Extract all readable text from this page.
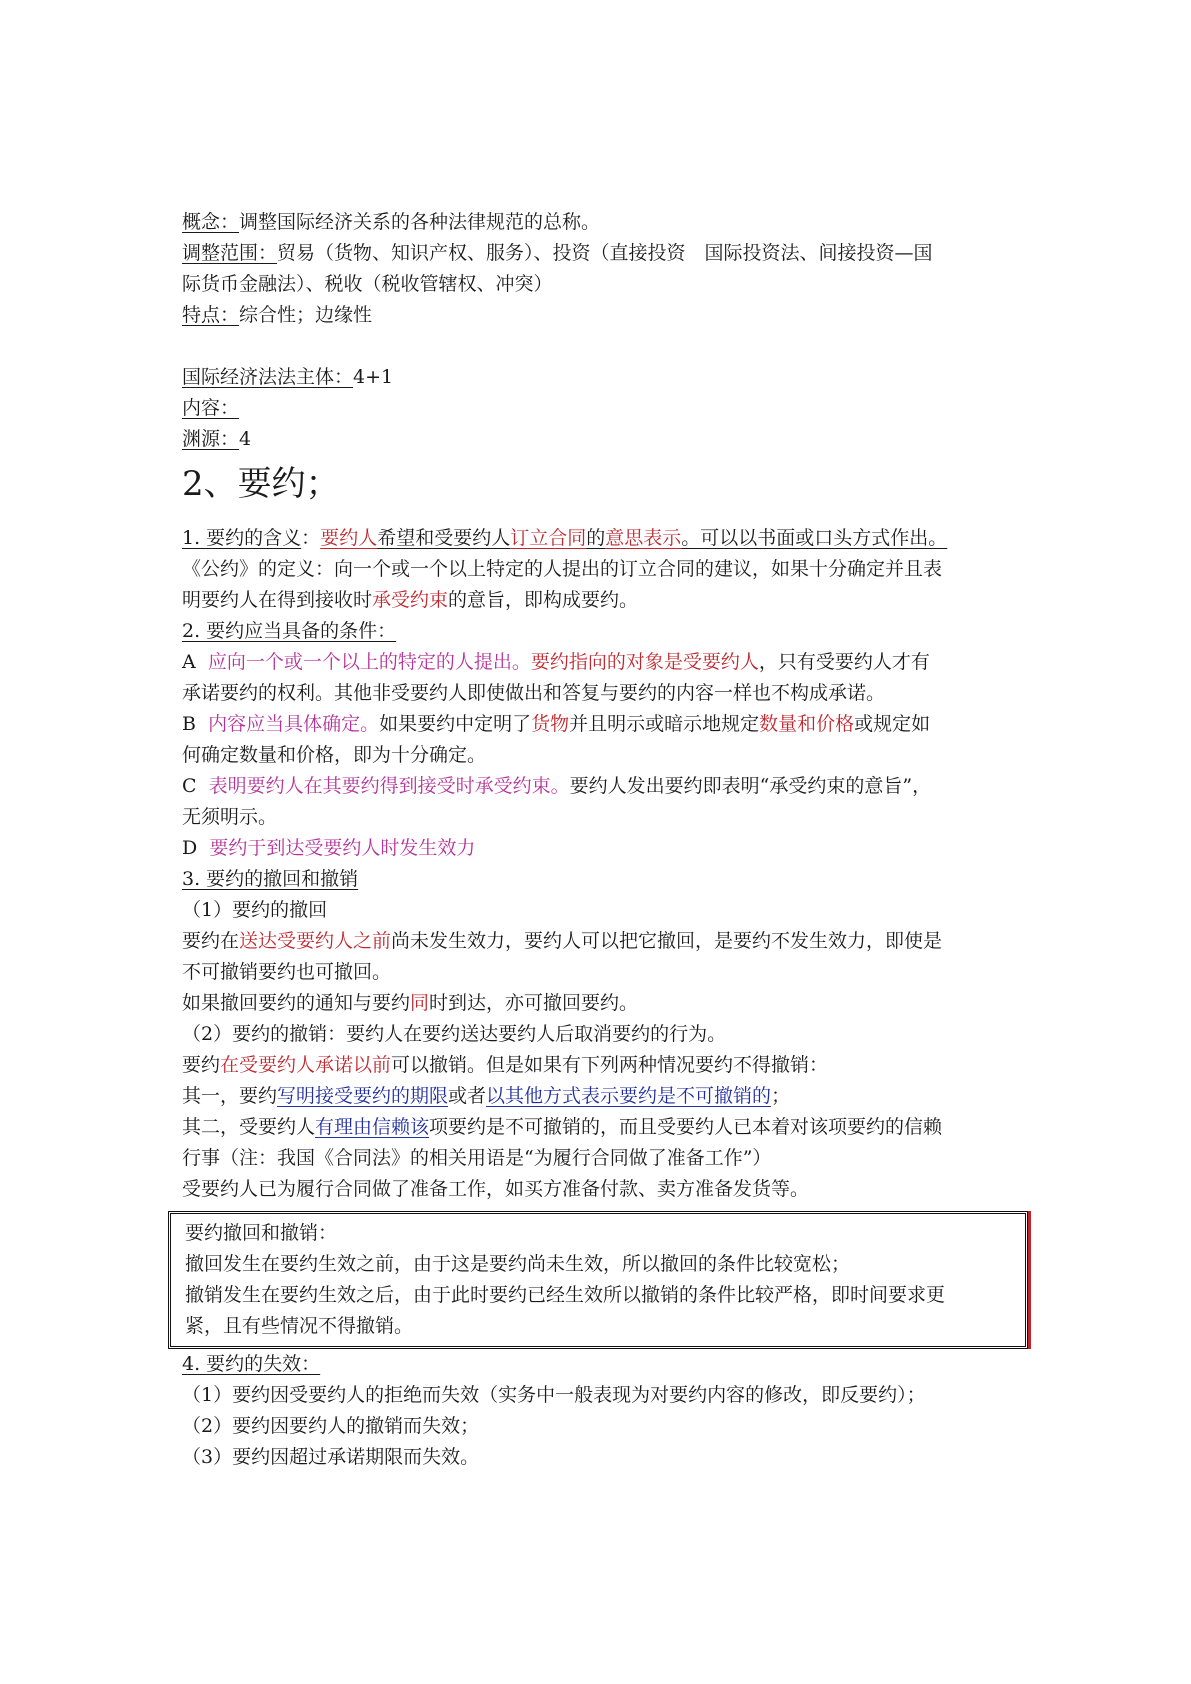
概念：调整国际经济关系的各种法律规范的总称。
调整范围：贸易（货物、知识产权、服务）、投资（直接投资　国际投资法、间接投资—国
际货币金融法）、税收（税收管辖权、冲突）
特点：综合性；边缘性
国际经济法法主体：4+1
内容：
渊源：4
2、要约；
1. 要约的含义：要约人希望和受要约人订立合同的意思表示。可以以书面或口头方式作出。
《公约》的定义：向一个或一个以上特定的人提出的订立合同的建议，如果十分确定并且表
明要约人在得到接收时承受约束的意旨，即构成要约。
2. 要约应当具备的条件：
A 应向一个或一个以上的特定的人提出。要约指向的对象是受要约人，只有受要约人才有
承诺要约的权利。其他非受要约人即使做出和答复与要约的内容一样也不构成承诺。
B 内容应当具体确定。如果要约中定明了货物并且明示或暗示地规定数量和价格或规定如
何确定数量和价格，即为十分确定。
C 表明要约人在其要约得到接受时承受约束。要约人发出要约即表明“承受约束的意旨”，
无须明示。
D 要约于到达受要约人时发生效力
3. 要约的撤回和撤销
（1）要约的撤回
要约在送达受要约人之前尚未发生效力，要约人可以把它撤回，是要约不发生效力，即使是
不可撤销要约也可撤回。
如果撤回要约的通知与要约同时到达，亦可撤回要约。
（2）要约的撤销：要约人在要约送达要约人后取消要约的行为。
要约在受要约人承诺以前可以撤销。但是如果有下列两种情况要约不得撤销：
其一，要约写明接受要约的期限或者以其他方式表示要约是不可撤销的；
其二，受要约人有理由信赖该项要约是不可撤销的，而且受要约人已本着对该项要约的信赖
行事（注：我国《合同法》的相关用语是“为履行合同做了准备工作”）
受要约人已为履行合同做了准备工作，如买方准备付款、卖方准备发货等。
要约撤回和撤销：
撤回发生在要约生效之前，由于这是要约尚未生效，所以撤回的条件比较宽松；
撤销发生在要约生效之后，由于此时要约已经生效所以撤销的条件比较严格，即时间要求更
紧，且有些情况不得撤销。
4. 要约的失效：
（1）要约因受要约人的拒绝而失效（实务中一般表现为对要约内容的修改，即反要约）；
（2）要约因要约人的撤销而失效；
（3）要约因超过承诺期限而失效。
